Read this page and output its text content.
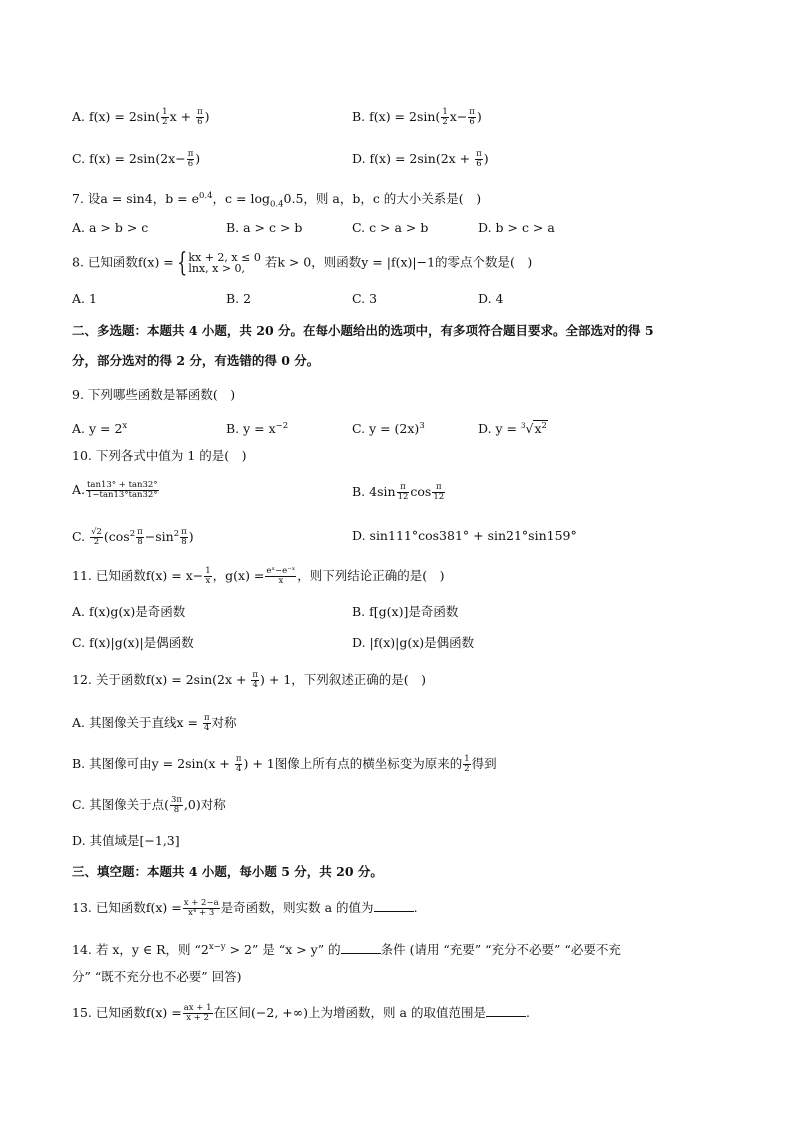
A. $f(x) = 2\sin( \frac{1}{2}$ $x + \frac{\pi}{6}$ )	B. $f(x) = 2\sin( \frac{1}{2} x- \frac{\pi}{6}$ )
C. $f(x) = 2\sin(2x- \frac{\pi}{6}$ )	D. $f(x) = 2\sin(2x + \frac{\pi}{6}$ )
7. 设a = sin4，$b = e^{0.4}$，$c = \log_{0.4}0.5$，则 a，b，c 的大小关系是(　)
A. a > b > c	B. a > c > b	C. c > a > b	D. b > c > a
8. 已知函数f(x) = { kx + 2, x ≤ 0
lnx, x > 0,	若k > 0，则函数y = |f(x)|−1的零点个数是(　)
A. 1	B. 2	C. 3	D. 4
二、多选题：本题共 4 小题，共 20 分。在每小题给出的选项中，有多项符合题目要求。全部选对的得 5
分，部分选对的得 2 分，有选错的得 0 分。
9. 下列哪些函数是幂函数(　)
A. $y = 2^x$	B. $y = x^{-2}$	C. $y = (2x)^3$	D. $y = ^3√x^2$
10. 下列各式中值为 1 的是(　)
A. $\frac{\tan 13^\circ + \tan 32^\circ}{1-\tan 13^\circ\tan 32^\circ}$	B. $4\sin \frac{\pi}{12}$ $\cos \frac{\pi}{12}$
C. $\frac{√2}{2} (\cos^2 \frac{\pi}{8} -\sin^2 \frac{\pi}{8}$ )	D. sin111°cos381° + sin21°sin159°
11. 已知函数$f(x) = x- \frac{1}{x}$ ，$g(x) = \frac{\text{eˣ−e⁻ˣ}}{x}$ ，则下列结论正确的是(　)
A. f(x)g(x)是奇函数	B. f[g(x)]是奇函数
C. f(x)|g(x)|是偶函数	D. |f(x)|g(x)是偶函数
12. 关于函数$f(x) = 2\sin(2x + \frac{\pi}{4}$ ) + 1，下列叙述正确的是(　)
A. 其图像关于直线$x = \frac{\pi}{4}$ 对称
B. 其图像可由$y = 2\sin(x + \frac{\pi}{4}$ ) + 1图像上所有点的横坐标变为原来的 $\frac{1}{2}$ 得到
C. 其图像关于点( $\frac{3\pi}{8} ,0$)对称
D. 其值域是[−1,3]
三、填空题：本题共 4 小题，每小题 5 分，共 20 分。
13. 已知函数$f(x) = \frac{x + 2-a}{\text{x⁴ + 3}}$ 是奇函数，则实数 a 的值为	.
14. 若 x，y ∈ R，则 “$2^{x-y} > 2$” 是 “x > y” 的	条件 (请用 “充要” “充分不必要” “必要不充
分” “既不充分也不必要” 回答)
15. 已知函数$f(x) = \frac{ax + 1}{x + 2}$ 在区间(−2, +∞)上为增函数，则 a 的取值范围是	.
